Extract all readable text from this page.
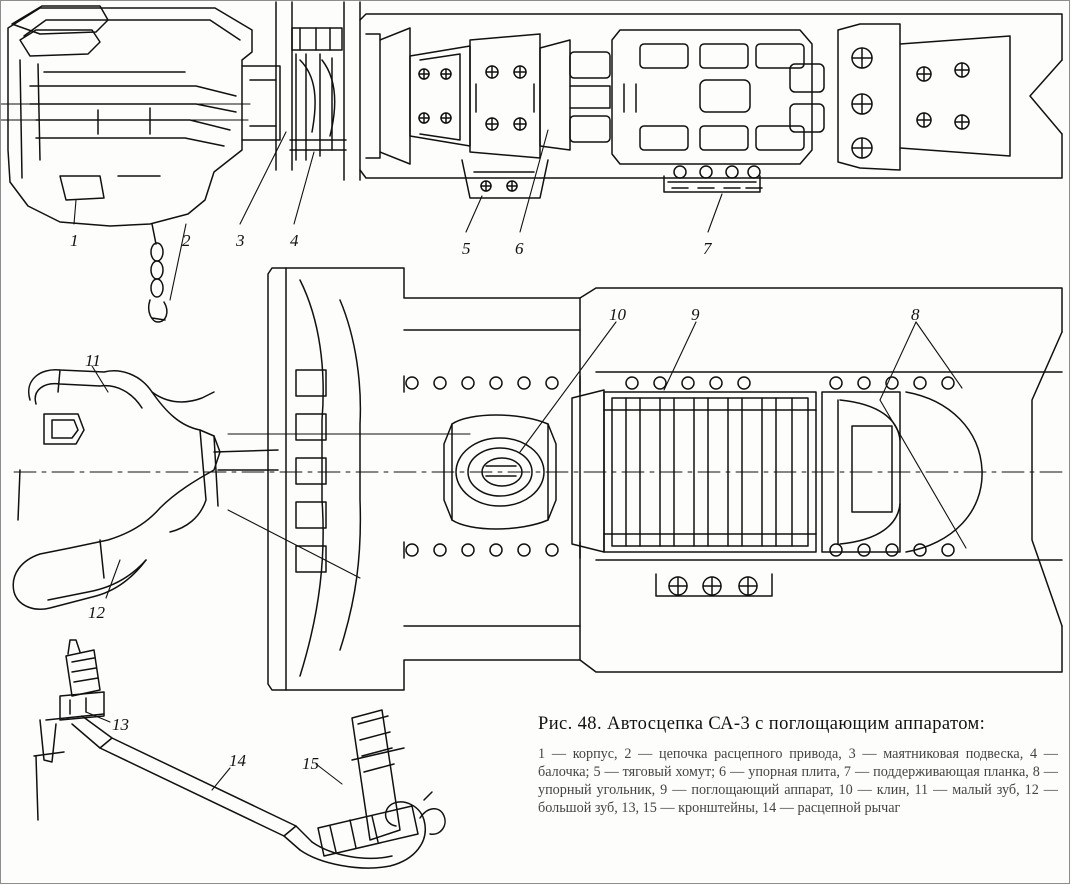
1	2	3	4	5	6	7
8
9
10
11
12
13
14	15
Рис. 48. Автосцепка СА-3 с поглощающим аппаратом:
1 — корпус, 2 — цепочка расцепного привода, 3 — маятниковая подвеска, 4 — балочка; 5 — тяговый хомут; 6 — упорная плита, 7 — поддерживающая планка, 8 — упорный угольник, 9 — поглощающий аппарат, 10 — клин, 11 — малый зуб, 12 — большой зуб, 13, 15 — кронштейны, 14 — расцепной рычаг
